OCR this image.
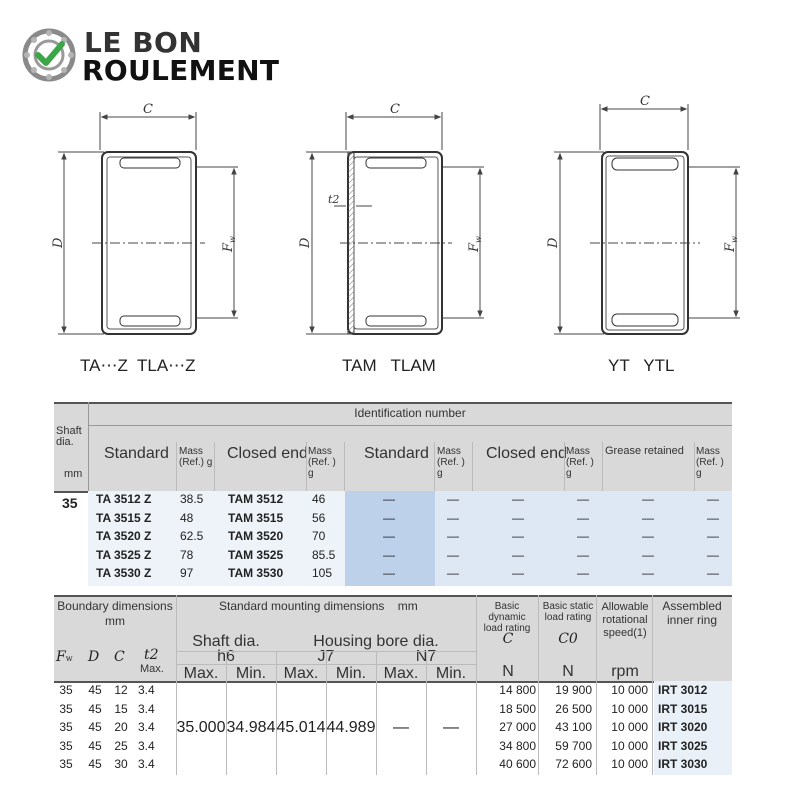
LE BON
ROULEMENT
C	C
C
D	D	D
$F_w$
$F_w$
$F_w$
t2
TA⋯Z  TLA⋯Z	TAM   TLAM	YT   YTL
Identification number
Shaft
dia.
mm
Standard Mass (Ref.) g
Closed end Mass (Ref. ) g
Standard Mass (Ref. ) g
Closed end Mass (Ref. ) g
Grease retained	Mass (Ref. ) g
35 TA 3512 Z	38.5	TAM 3512	46	—	—	—	—	—	—
TA 3515 Z	48	TAM 3515	56	—	—	—	—	—	—
TA 3520 Z	62.5	TAM 3520	70	—	—	—	—	—	—
TA 3525 Z	78	TAM 3525	85.5	—	—	—	—	—	—
TA 3530 Z	97	TAM 3530	105	—	—	—	—	—	—
Boundary dimensions
mm
Standard mounting dimensions mm
Shaft dia.
h6
Housing bore dia.
J7	N7
Max.	Min.	Max.	Min.	Max.	Min.
Basic dynamic load rating
Basic static load rating
Allowable rotational speed(1)
Assembled inner ring
C	C0
N	N	rpm
Fw D C t2
Max.
35.000 34.984 45.014 44.989	—	—
35	45	12 3.4	14 800	19 900	10 000 IRT 3012
35	45	15 3.4	18 500	26 500	10 000 IRT 3015
35	45	20 3.4	27 000	43 100	10 000 IRT 3020
35	45	25 3.4	34 800	59 700	10 000 IRT 3025
35	45	30 3.4	40 600	72 600	10 000 IRT 3030
